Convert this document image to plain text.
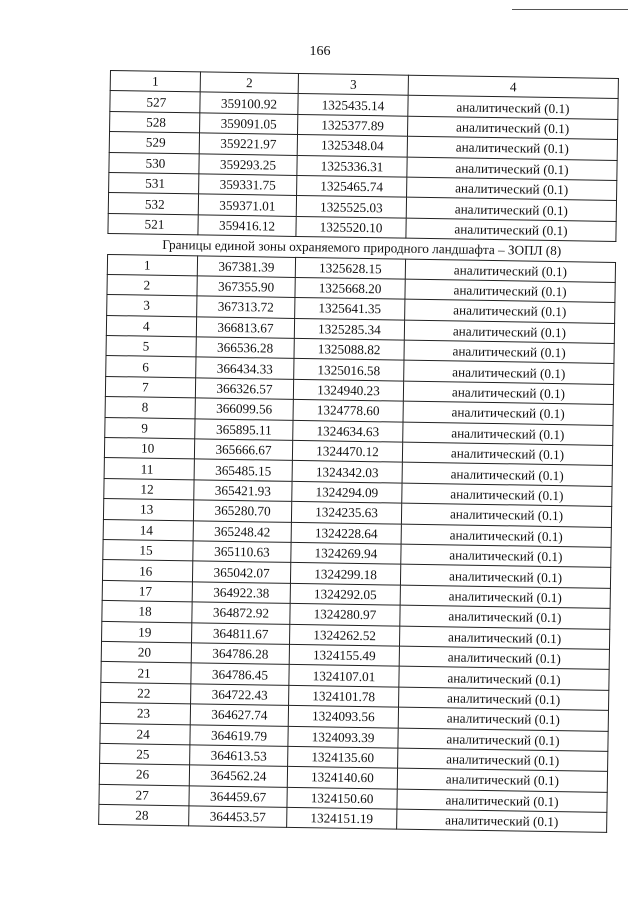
166
1	2	3	4
527	359100.92	1325435.14	аналитический (0.1)
528	359091.05	1325377.89	аналитический (0.1)
529	359221.97	1325348.04	аналитический (0.1)
530	359293.25	1325336.31	аналитический (0.1)
531	359331.75	1325465.74	аналитический (0.1)
532	359371.01	1325525.03	аналитический (0.1)
521	359416.12	1325520.10	аналитический (0.1)
Границы единой зоны охраняемого природного ландшафта – ЗОПЛ (8)			
1	367381.39	1325628.15	аналитический (0.1)
2	367355.90	1325668.20	аналитический (0.1)
3	367313.72	1325641.35	аналитический (0.1)
4	366813.67	1325285.34	аналитический (0.1)
5	366536.28	1325088.82	аналитический (0.1)
6	366434.33	1325016.58	аналитический (0.1)
7	366326.57	1324940.23	аналитический (0.1)
8	366099.56	1324778.60	аналитический (0.1)
9	365895.11	1324634.63	аналитический (0.1)
10	365666.67	1324470.12	аналитический (0.1)
11	365485.15	1324342.03	аналитический (0.1)
12	365421.93	1324294.09	аналитический (0.1)
13	365280.70	1324235.63	аналитический (0.1)
14	365248.42	1324228.64	аналитический (0.1)
15	365110.63	1324269.94	аналитический (0.1)
16	365042.07	1324299.18	аналитический (0.1)
17	364922.38	1324292.05	аналитический (0.1)
18	364872.92	1324280.97	аналитический (0.1)
19	364811.67	1324262.52	аналитический (0.1)
20	364786.28	1324155.49	аналитический (0.1)
21	364786.45	1324107.01	аналитический (0.1)
22	364722.43	1324101.78	аналитический (0.1)
23	364627.74	1324093.56	аналитический (0.1)
24	364619.79	1324093.39	аналитический (0.1)
25	364613.53	1324135.60	аналитический (0.1)
26	364562.24	1324140.60	аналитический (0.1)
27	364459.67	1324150.60	аналитический (0.1)
28	364453.57	1324151.19	аналитический (0.1)
